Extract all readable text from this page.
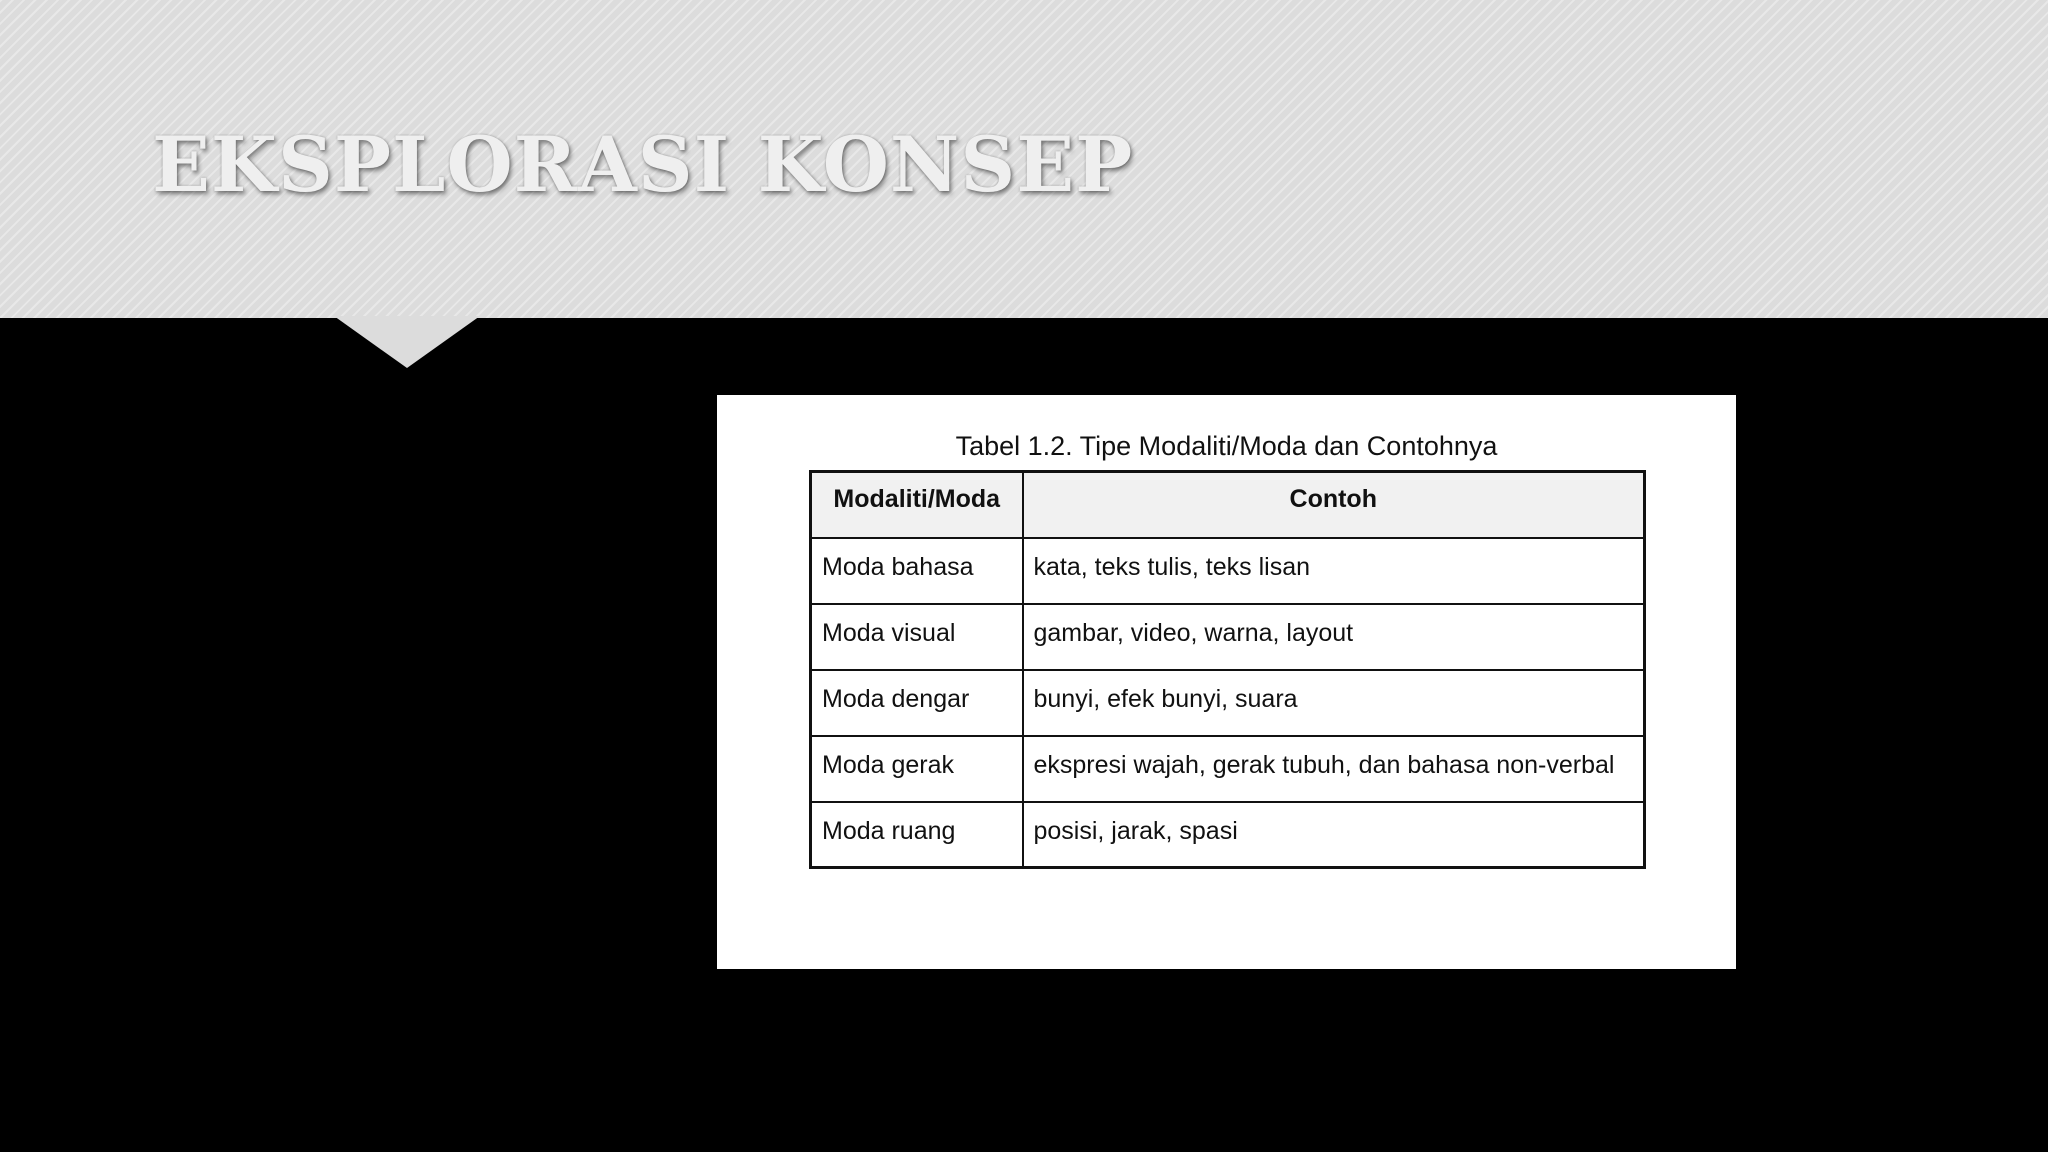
EKSPLORASI KONSEP
Tabel 1.2. Tipe Modaliti/Moda dan Contohnya
Modaliti/Moda	Contoh
Moda bahasa	kata, teks tulis, teks lisan
Moda visual	gambar, video, warna, layout
Moda dengar	bunyi, efek bunyi, suara
Moda gerak	ekspresi wajah, gerak tubuh, dan bahasa non-verbal
Moda ruang	posisi, jarak, spasi
